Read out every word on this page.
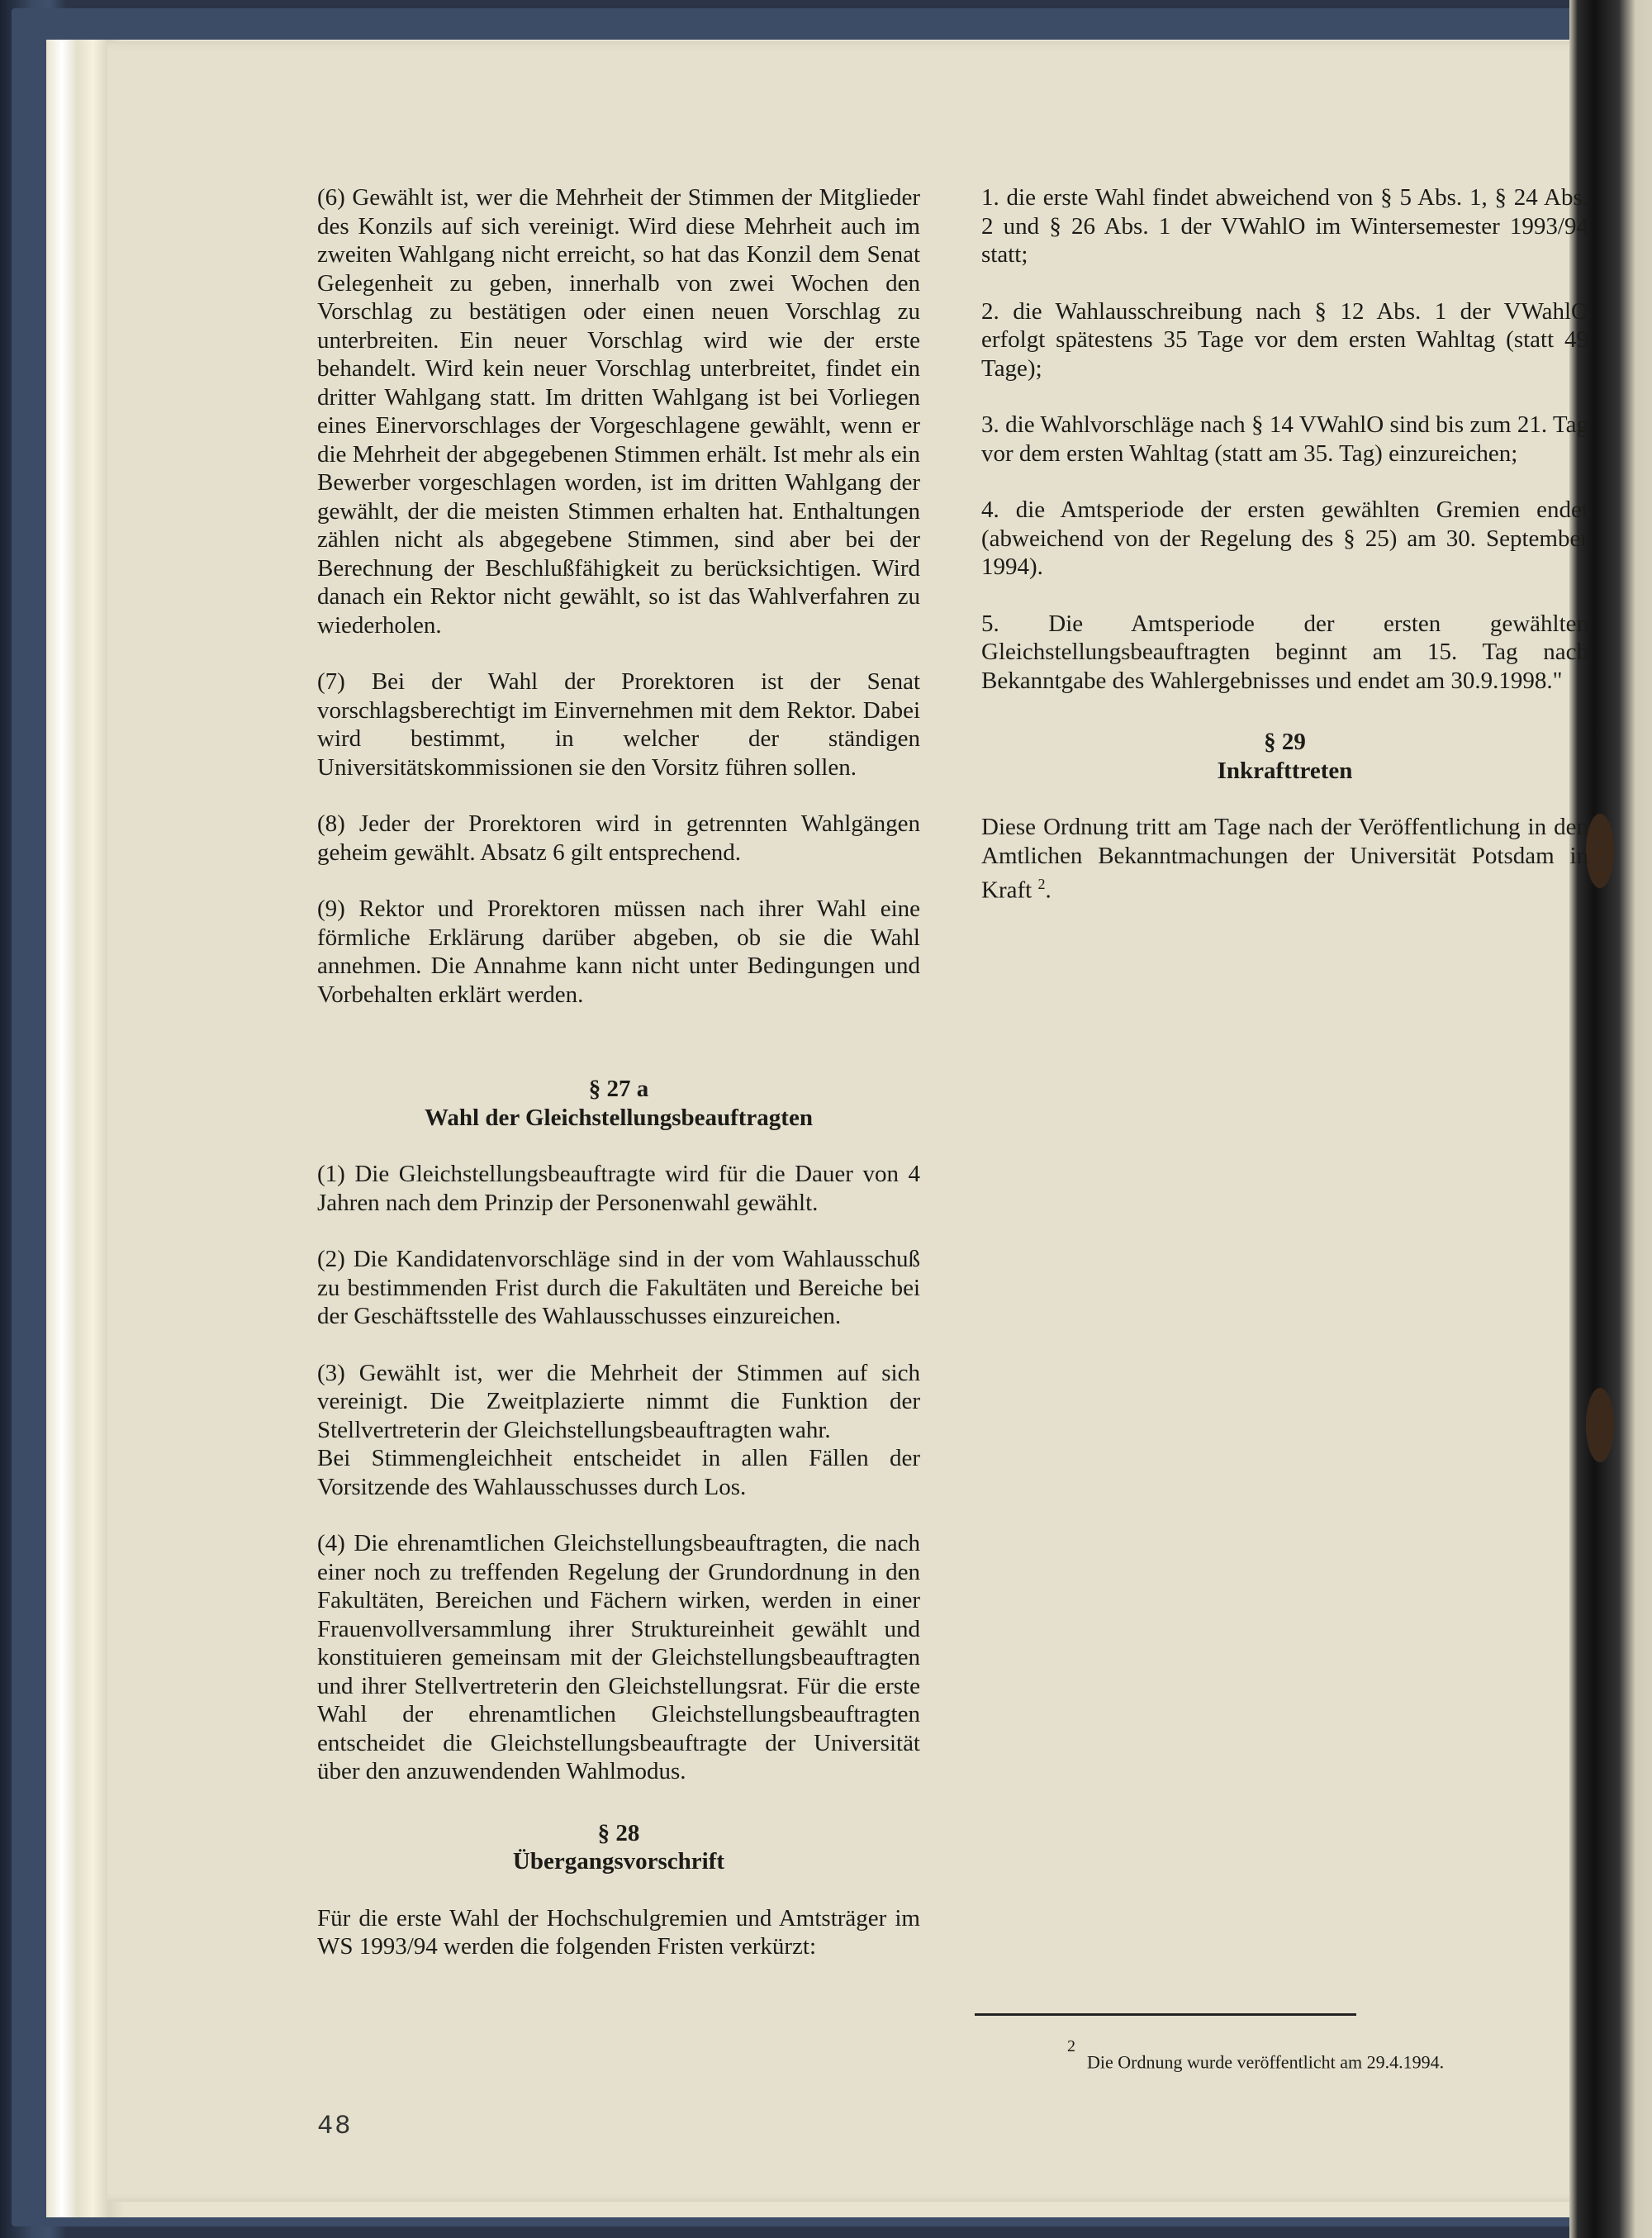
(6) Gewählt ist, wer die Mehrheit der Stimmen der Mitglieder des Konzils auf sich vereinigt. Wird diese Mehrheit auch im zweiten Wahlgang nicht erreicht, so hat das Konzil dem Senat Gelegenheit zu geben, innerhalb von zwei Wochen den Vorschlag zu bestätigen oder einen neuen Vorschlag zu unterbreiten. Ein neuer Vorschlag wird wie der erste behandelt. Wird kein neuer Vorschlag unterbreitet, findet ein dritter Wahlgang statt. Im dritten Wahlgang ist bei Vorliegen eines Einervorschlages der Vorgeschlagene gewählt, wenn er die Mehrheit der abgegebenen Stimmen erhält. Ist mehr als ein Bewerber vorgeschlagen worden, ist im dritten Wahlgang der gewählt, der die meisten Stimmen erhalten hat. Enthaltungen zählen nicht als abgegebene Stimmen, sind aber bei der Berechnung der Beschlußfähigkeit zu berücksichtigen. Wird danach ein Rektor nicht gewählt, so ist das Wahlverfahren zu wiederholen.

(7) Bei der Wahl der Prorektoren ist der Senat vorschlagsberechtigt im Einvernehmen mit dem Rektor. Dabei wird bestimmt, in welcher der ständigen Universitätskommissionen sie den Vorsitz führen sollen.

(8) Jeder der Prorektoren wird in getrennten Wahlgängen geheim gewählt. Absatz 6 gilt entsprechend.

(9) Rektor und Prorektoren müssen nach ihrer Wahl eine förmliche Erklärung darüber abgeben, ob sie die Wahl annehmen. Die Annahme kann nicht unter Bedingungen und Vorbehalten erklärt werden.

§ 27 a

Wahl der Gleichstellungsbeauftragten

(1) Die Gleichstellungsbeauftragte wird für die Dauer von 4 Jahren nach dem Prinzip der Personenwahl gewählt.

(2) Die Kandidatenvorschläge sind in der vom Wahlausschuß zu bestimmenden Frist durch die Fakultäten und Bereiche bei der Geschäftsstelle des Wahlausschusses einzureichen.

(3) Gewählt ist, wer die Mehrheit der Stimmen auf sich vereinigt. Die Zweitplazierte nimmt die Funktion der Stellvertreterin der Gleichstellungsbeauftragten wahr.

Bei Stimmengleichheit entscheidet in allen Fällen der Vorsitzende des Wahlausschusses durch Los.

(4) Die ehrenamtlichen Gleichstellungsbeauftragten, die nach einer noch zu treffenden Regelung der Grundordnung in den Fakultäten, Bereichen und Fächern wirken, werden in einer Frauenvollversammlung ihrer Struktureinheit gewählt und konstituieren gemeinsam mit der Gleichstellungsbeauftragten und ihrer Stellvertreterin den Gleichstellungsrat. Für die erste Wahl der ehrenamtlichen Gleichstellungsbeauftragten entscheidet die Gleichstellungsbeauftragte der Universität über den anzuwendenden Wahlmodus.

§ 28

Übergangsvorschrift

Für die erste Wahl der Hochschulgremien und Amtsträger im WS 1993/94 werden die folgenden Fristen verkürzt:

1. die erste Wahl findet abweichend von § 5 Abs. 1, § 24 Abs. 2 und § 26 Abs. 1 der VWahlO im Wintersemester 1993/94 statt;

2. die Wahlausschreibung nach § 12 Abs. 1 der VWahlO erfolgt spätestens 35 Tage vor dem ersten Wahltag (statt 49 Tage);

3. die Wahlvorschläge nach § 14 VWahlO sind bis zum 21. Tag vor dem ersten Wahltag (statt am 35. Tag) einzureichen;

4. die Amtsperiode der ersten gewählten Gremien endet (abweichend von der Regelung des § 25) am 30. September 1994).

5. Die Amtsperiode der ersten gewählten Gleichstellungsbeauftragten beginnt am 15. Tag nach Bekanntgabe des Wahlergebnisses und endet am 30.9.1998."

§ 29

Inkrafttreten

Diese Ordnung tritt am Tage nach der Veröffentlichung in den Amtlichen Bekanntmachungen der Universität Potsdam in Kraft $^2$.

$^2$Die Ordnung wurde veröffentlicht am 29.4.1994.
48
